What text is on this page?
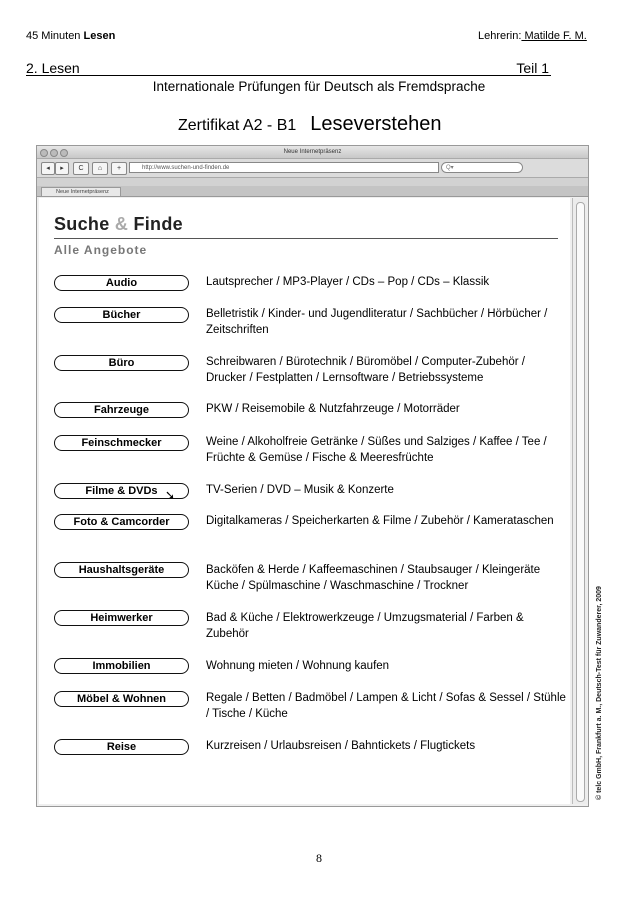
45 Minuten Lesen	Lehrerin: Matilde F. M.
2. Lesen	Teil 1
Internationale Prüfungen für Deutsch als Fremdsprache
Zertifikat A2 - B1 Leseverstehen
Neue Internetpräsenz
◂	▸	C	⌂	+	http://www.suchen-und-finden.de	Q▾
Neue Internetpräsenz
Suche & Finde
Alle Angebote
Audio	Lautsprecher / MP3-Player / CDs – Pop / CDs – Klassik
Bücher	Belletristik / Kinder- und Jugendliteratur / Sachbücher / Hörbücher / Zeitschriften
Büro	Schreibwaren / Bürotechnik / Büromöbel / Computer-Zubehör / Drucker / Festplatten / Lernsoftware / Betriebssysteme
Fahrzeuge	PKW / Reisemobile & Nutzfahrzeuge / Motorräder
Feinschmecker	Weine / Alkoholfreie Getränke / Süßes und Salziges / Kaffee / Tee / Früchte & Gemüse / Fische & Meeresfrüchte
Filme & DVDs	TV-Serien / DVD – Musik & Konzerte
➘
Foto & Camcorder	Digitalkameras / Speicherkarten & Filme / Zubehör / Kamerataschen
Haushaltsgeräte	Backöfen & Herde / Kaffeemaschinen / Staubsauger / Kleingeräte Küche / Spülmaschine / Waschmaschine / Trockner
Heimwerker	Bad & Küche / Elektrowerkzeuge / Umzugsmaterial / Farben & Zubehör
Immobilien	Wohnung mieten / Wohnung kaufen
Möbel & Wohnen	Regale / Betten / Badmöbel / Lampen & Licht / Sofas & Sessel / Stühle / Tische / Küche
Reise	Kurzreisen / Urlaubsreisen / Bahntickets / Flugtickets	© telc GmbH, Frankfurt a. M., Deutsch-Test für Zuwanderer, 2009
8
